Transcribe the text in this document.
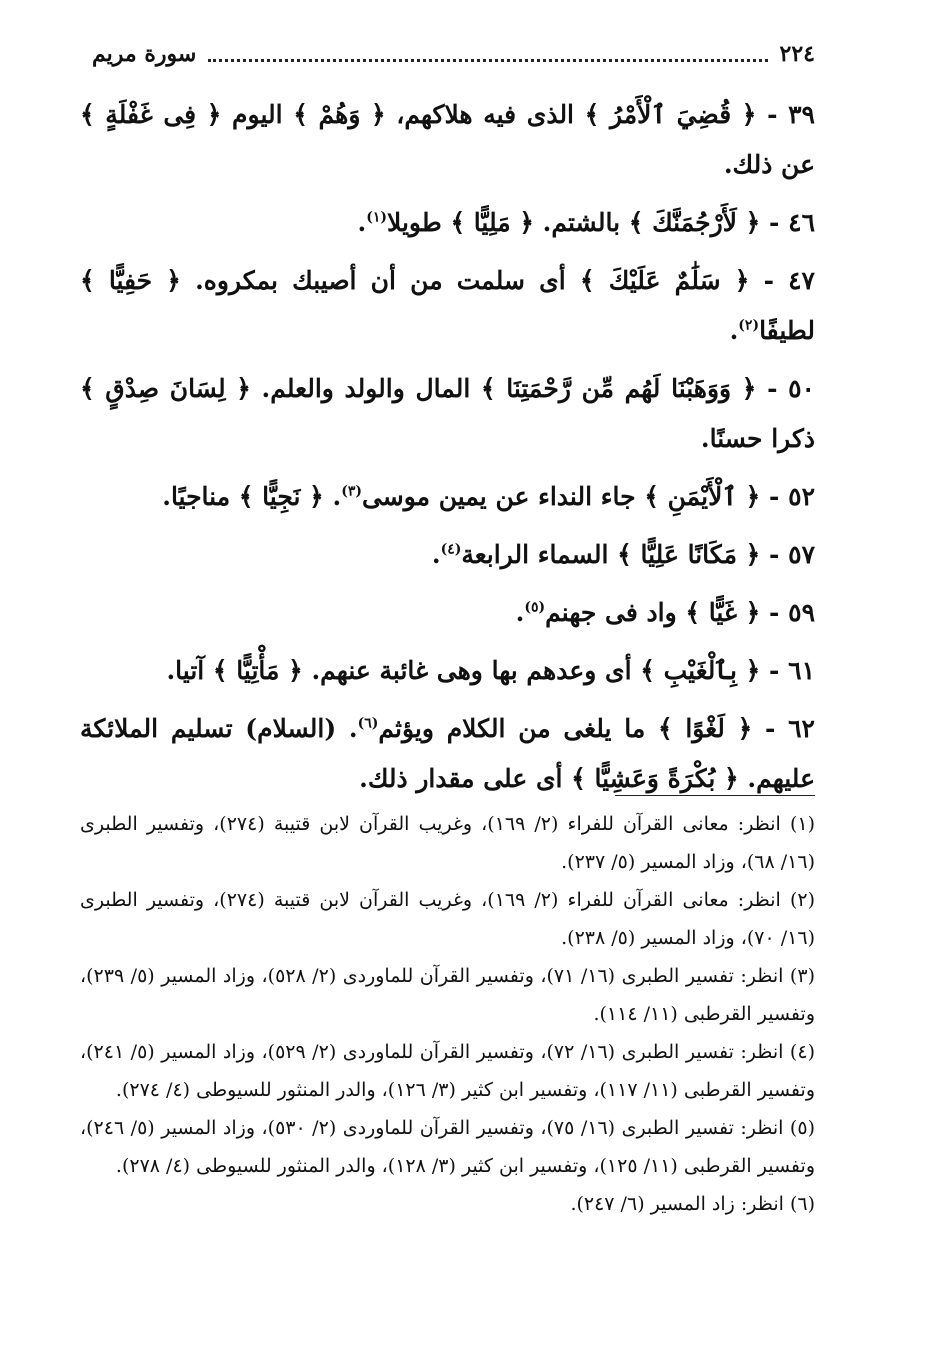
٢٢٤
سورة مريم
٣٩ - ﴿ قُضِيَ ٱلْأَمْرُ ﴾ الذى فيه هلاكهم، ﴿ وَهُمْ ﴾ اليوم ﴿ فِى غَفْلَةٍ ﴾ عن ذلك.
٤٦ - ﴿ لَأَرْجُمَنَّكَ ﴾ بالشتم. ﴿ مَلِيًّا ﴾ طويلا$^{(١)}$.
٤٧ - ﴿ سَلَٰمٌ عَلَيْكَ ﴾ أى سلمت من أن أصيبك بمكروه. ﴿ حَفِيًّا ﴾ لطيفًا$^{(٢)}$.
٥٠ - ﴿ وَوَهَبْنَا لَهُم مِّن رَّحْمَتِنَا ﴾ المال والولد والعلم. ﴿ لِسَانَ صِدْقٍ ﴾ ذكرا حسنًا.
٥٢ - ﴿ ٱلْأَيْمَنِ ﴾ جاء النداء عن يمين موسى$^{(٣)}$. ﴿ نَجِيًّا ﴾ مناجيًا.
٥٧ - ﴿ مَكَانًا عَلِيًّا ﴾ السماء الرابعة$^{(٤)}$.
٥٩ - ﴿ غَيًّا ﴾ واد فى جهنم$^{(٥)}$.
٦١ - ﴿ بِٱلْغَيْبِ ﴾ أى وعدهم بها وهى غائبة عنهم. ﴿ مَأْتِيًّا ﴾ آتيا.
٦٢ - ﴿ لَغْوًا ﴾ ما يلغى من الكلام ويؤثم$^{(٦)}$. (السلام) تسليم الملائكة عليهم. ﴿ بُكْرَةً وَعَشِيًّا ﴾ أى على مقدار ذلك.
(١) انظر: معانى القرآن للفراء (٢/ ١٦٩)، وغريب القرآن لابن قتيبة (٢٧٤)، وتفسير الطبرى (١٦/ ٦٨)، وزاد المسير (٥/ ٢٣٧).
(٢) انظر: معانى القرآن للفراء (٢/ ١٦٩)، وغريب القرآن لابن قتيبة (٢٧٤)، وتفسير الطبرى (١٦/ ٧٠)، وزاد المسير (٥/ ٢٣٨).
(٣) انظر: تفسير الطبرى (١٦/ ٧١)، وتفسير القرآن للماوردى (٢/ ٥٢٨)، وزاد المسير (٥/ ٢٣٩)، وتفسير القرطبى (١١/ ١١٤).
(٤) انظر: تفسير الطبرى (١٦/ ٧٢)، وتفسير القرآن للماوردى (٢/ ٥٢٩)، وزاد المسير (٥/ ٢٤١)، وتفسير القرطبى (١١/ ١١٧)، وتفسير ابن كثير (٣/ ١٢٦)، والدر المنثور للسيوطى (٤/ ٢٧٤).
(٥) انظر: تفسير الطبرى (١٦/ ٧٥)، وتفسير القرآن للماوردى (٢/ ٥٣٠)، وزاد المسير (٥/ ٢٤٦)، وتفسير القرطبى (١١/ ١٢٥)، وتفسير ابن كثير (٣/ ١٢٨)، والدر المنثور للسيوطى (٤/ ٢٧٨).
(٦) انظر: زاد المسير (٦/ ٢٤٧).
